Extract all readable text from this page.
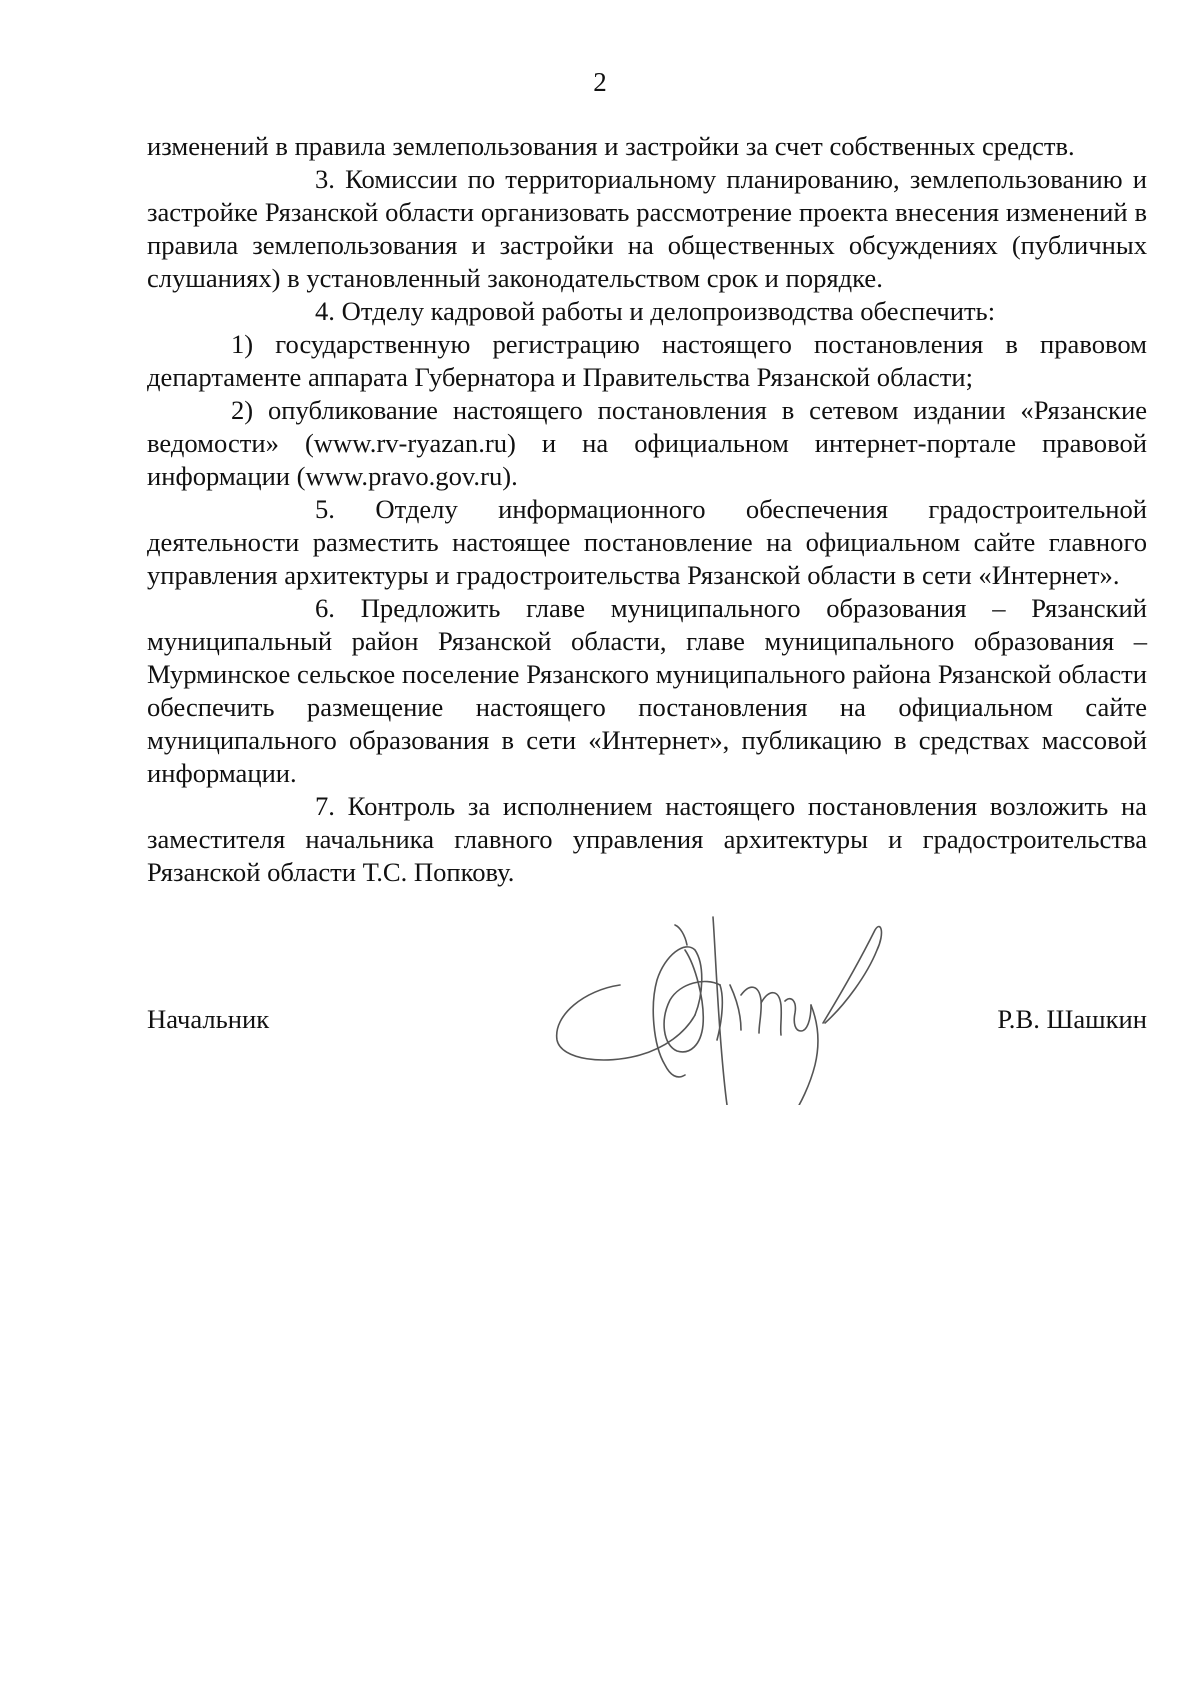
2

изменений в правила землепользования и застройки за счет собственных средств.

3. Комиссии по территориальному планированию, землепользованию и застройке Рязанской области организовать рассмотрение проекта внесения изменений в правила землепользования и застройки на общественных обсуждениях (публичных слушаниях) в установленный законодательством срок и порядке.

4. Отделу кадровой работы и делопроизводства обеспечить:

1) государственную регистрацию настоящего постановления в правовом департаменте аппарата Губернатора и Правительства Рязанской области;

2) опубликование настоящего постановления в сетевом издании «Рязанские ведомости» (www.rv-ryazan.ru) и на официальном интернет-портале правовой информации (www.pravo.gov.ru).

5. Отделу информационного обеспечения градостроительной деятельности разместить настоящее постановление на официальном сайте главного управления архитектуры и градостроительства Рязанской области в сети «Интернет».

6. Предложить главе муниципального образования – Рязанский муниципальный район Рязанской области, главе муниципального образования – Мурминское сельское поселение Рязанского муниципального района Рязанской области обеспечить размещение настоящего постановления на официальном сайте муниципального образования в сети «Интернет», публикацию в средствах массовой информации.

7. Контроль за исполнением настоящего постановления возложить на заместителя начальника главного управления архитектуры и градостроительства Рязанской области Т.С. Попкову.

Начальник	Р.В. Шашкин
